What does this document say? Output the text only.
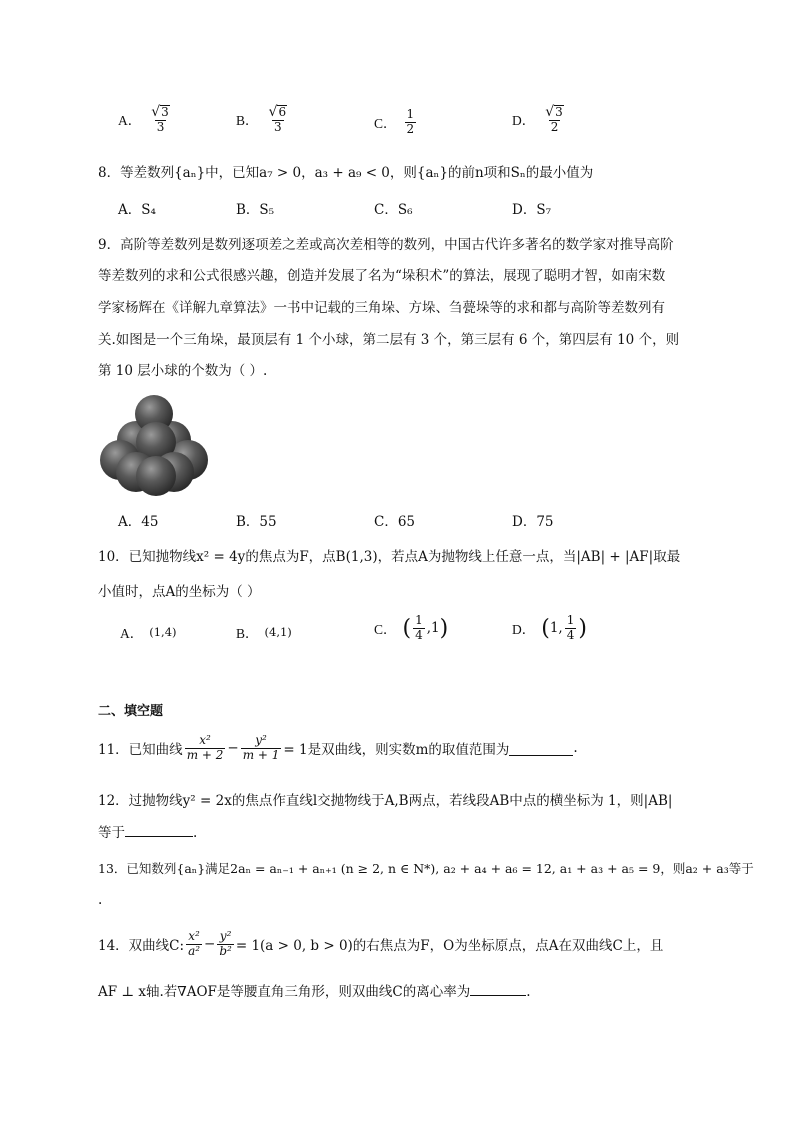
A． $\frac{√ 3}{3}$	B． $\frac{√ 6}{3}$	C． $\frac{1}{2}$	D． $\frac{√ 3}{2}$
8．等差数列{aₙ}中，已知a₇ > 0，a₃ + a₉ < 0，则{aₙ}的前n项和Sₙ的最小值为
A．S₄	B．S₅	C．S₆	D．S₇
9．高阶等差数列是数列逐项差之差或高次差相等的数列，中国古代许多著名的数学家对推导高阶
等差数列的求和公式很感兴趣，创造并发展了名为“垛积术”的算法，展现了聪明才智，如南宋数
学家杨辉在《详解九章算法》一书中记载的三角垛、方垛、刍甍垛等的求和都与高阶等差数列有
关.如图是一个三角垛，最顶层有 1 个小球，第二层有 3 个，第三层有 6 个，第四层有 10 个，则
第 10 层小球的个数为（ ）.
A．45	B．55	C．65	D．75
10．已知抛物线x² = 4y的焦点为F，点B(1,3)，若点A为抛物线上任意一点，当|AB| + |AF|取最
小值时，点A的坐标为（ ）
A． (1,4)	B． (4,1)	C． ( $\frac{1}{4} ,1$ )	D． ( 1, $\frac{1}{4}$ )
二、填空题
11．已知曲线 $\frac{\text{x²}}{m + 2} - \frac{\text{y²}}{m + 1} = 1$是双曲线，则实数m的取值范围为	.
12．过抛物线y² = 2x的焦点作直线l交抛物线于A,B两点，若线段AB中点的横坐标为 1，则|AB|
等于	.
13．已知数列{aₙ}满足2aₙ = aₙ₋₁ + aₙ₊₁ (n ≥ 2, n ∈ N*), a₂ + a₄ + a₆ = 12, a₁ + a₃ + a₅ = 9，则a₂ + a₃等于
.
14．双曲线C: $\frac{\text{x²}}{\text{a²}} - \frac{\text{y²}}{\text{b²}} = 1(a > 0$, b > 0)的右焦点为F，O为坐标原点，点A在双曲线C上，且
AF ⊥ x轴.若∇AOF是等腰直角三角形，则双曲线C的离心率为	.
